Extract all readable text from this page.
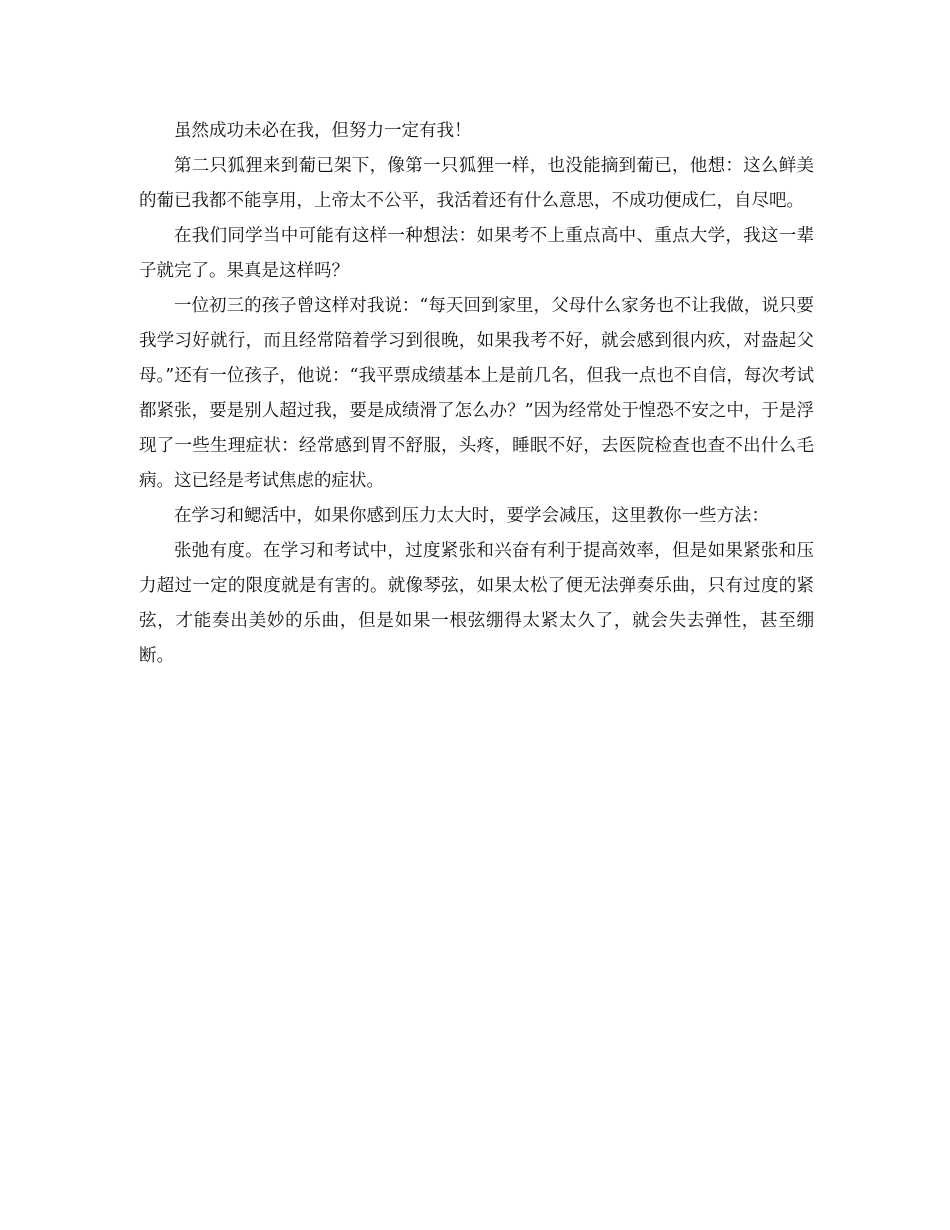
虽然成功未必在我，但努力一定有我！

第二只狐狸来到葡已架下，像第一只狐狸一样，也没能摘到葡已，他想：这么鲜美的葡已我都不能享用，上帝太不公平，我活着还有什么意思，不成功便成仁，自尽吧。

在我们同学当中可能有这样一种想法：如果考不上重点高中、重点大学，我这一辈子就完了。果真是这样吗？

一位初三的孩子曾这样对我说：“每天回到家里，父母什么家务也不让我做，说只要我学习好就行，而且经常陪着学习到很晚，如果我考不好，就会感到很内疚，对盎起父母。”还有一位孩子，他说：“我平票成绩基本上是前几名，但我一点也不自信，每次考试都紧张，要是别人超过我，要是成绩滑了怎么办？”因为经常处于惶恐不安之中，于是浮现了一些生理症状：经常感到胃不舒服，头疼，睡眠不好，去医院检查也查不出什么毛病。这已经是考试焦虑的症状。

在学习和鳃活中，如果你感到压力太大时，要学会减压，这里教你一些方法：

张弛有度。在学习和考试中，过度紧张和兴奋有利于提高效率，但是如果紧张和压力超过一定的限度就是有害的。就像琴弦，如果太松了便无法弹奏乐曲，只有过度的紧弦，才能奏出美妙的乐曲，但是如果一根弦绷得太紧太久了，就会失去弹性，甚至绷断。
